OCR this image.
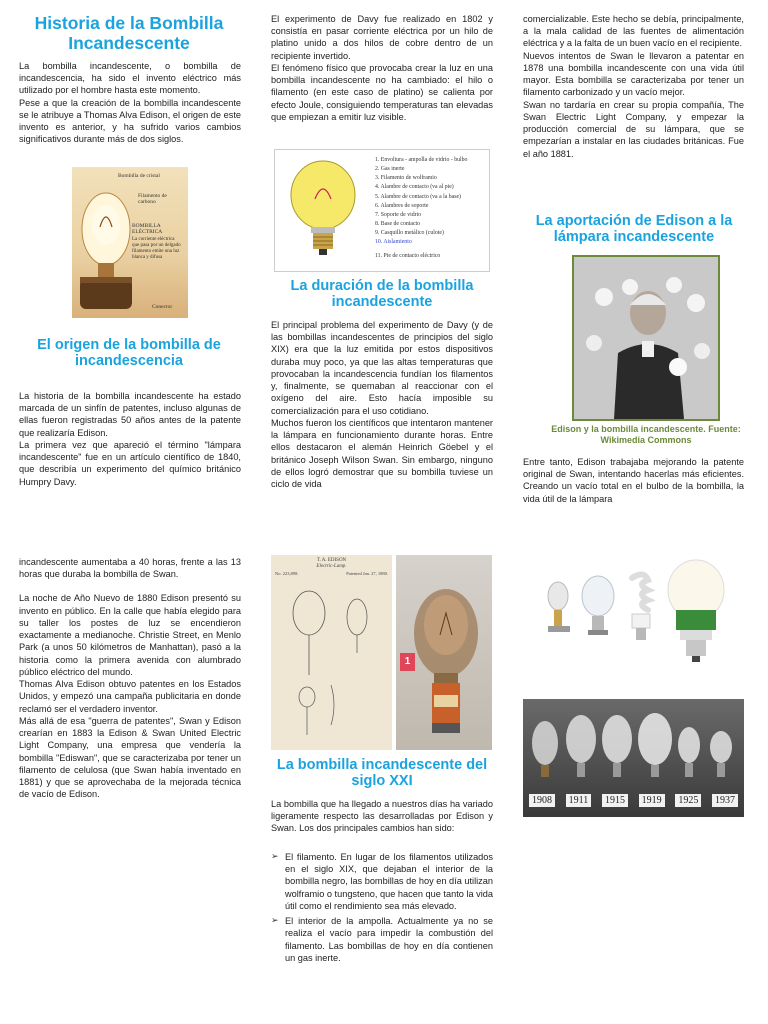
Historia de la Bombilla Incandescente
La bombilla incandescente, o bombilla de incandescencia, ha sido el invento eléctrico más utilizado por el hombre hasta este momento.
Pese a que la creación de la bombilla incandescente se le atribuye a Thomas Alva Edison, el origen de este invento es anterior, y ha sufrido varios cambios significativos durante más de dos siglos.
Bombilla de cristal
Filamento de carbono
BOMBILLA ELÉCTRICA
La corriente eléctrica que pasa por un delgado filamento emite una luz blanca y difusa
Conector
El origen de la bombilla de incandescencia
La historia de la bombilla incandescente ha estado marcada de un sinfín de patentes, incluso algunas de ellas fueron registradas 50 años antes de la patente que realizaría Edison.
La primera vez que apareció el término "lámpara incandescente" fue en un artículo científico de 1840, que describía un experimento del químico británico Humpry Davy.
El experimento de Davy fue realizado en 1802 y consistía en pasar corriente eléctrica por un hilo de platino unido a dos hilos de cobre dentro de un recipiente invertido.
El fenómeno físico que provocaba crear la luz en una bombilla incandescente no ha cambiado: el hilo o filamento (en este caso de platino) se calienta por efecto Joule, consiguiendo temperaturas tan elevadas que empiezan a emitir luz visible.
1. Envoltura - ampolla de vidrio - bulbo
2. Gas inerte
3. Filamento de wolframio
4. Alambre de contacto (va al pie)
5. Alambre de contacto (va a la base)
6. Alambres de soporte
7. Soporte de vidrio
8. Base de contacto
9. Casquillo metálico (culote)
10. Aislamiento
11. Pie de contacto eléctrico
La duración de la bombilla incandescente
El principal problema del experimento de Davy (y de las bombillas incandescentes de principios del siglo XIX) era que la luz emitida por estos dispositivos duraba muy poco, ya que las altas temperaturas que provocaban la incandescencia fundían los filamentos y, finalmente, se quemaban al reaccionar con el oxígeno del aire. Esto hacía imposible su comercialización para el uso cotidiano.
Muchos fueron los científicos que intentaron mantener la lámpara en funcionamiento durante horas. Entre ellos destacaron el alemán Heinrich Göebel y el británico Joseph Wilson Swan. Sin embargo, ninguno de ellos logró demostrar que su bombilla tuviese un ciclo de vida
comercializable. Este hecho se debía, principalmente, a la mala calidad de las fuentes de alimentación eléctrica y a la falta de un buen vacío en el recipiente.
Nuevos intentos de Swan le llevaron a patentar en 1878 una bombilla incandescente con una vida útil mayor. Esta bombilla se caracterizaba por tener un filamento carbonizado y un vacío mejor.
Swan no tardaría en crear su propia compañía, The Swan Electric Light Company, y empezar la producción comercial de su lámpara, que se empezarían a instalar en las ciudades británicas. Fue el año 1881.
La aportación de Edison a la lámpara incandescente
Edison y la bombilla incandescente. Fuente: Wikimedia Commons
Entre tanto, Edison trabajaba mejorando la patente original de Swan, intentando hacerlas más eficientes. Creando un vacío total en el bulbo de la bombilla, la vida útil de la lámpara
incandescente aumentaba a 40 horas, frente a las 13 horas que duraba la bombilla de Swan.
La noche de Año Nuevo de 1880 Edison presentó su invento en público. En la calle que había elegido para su taller los postes de luz se encendieron exactamente a medianoche. Christie Street, en Menlo Park (a unos 50 kilómetros de Manhattan), pasó a la historia como la primera avenida con alumbrado público eléctrico del mundo.
Thomas Alva Edison obtuvo patentes en los Estados Unidos, y empezó una campaña publicitaria en donde reclamó ser el verdadero inventor.
Más allá de esa "guerra de patentes", Swan y Edison crearían en 1883 la Edison & Swan United Electric Light Company, una empresa que vendería la bombilla "Ediswan", que se caracterizaba por tener un filamento de celulosa (que Swan había inventado en 1881) y que se aprovechaba de la mejorada técnica de vacío de Edison.
T. A. EDISON
Electric-Lamp.
No. 223,898.	Patented Jan. 27, 1880.
1
La bombilla incandescente del siglo XXI
La bombilla que ha llegado a nuestros días ha variado ligeramente respecto las desarrolladas por Edison y Swan. Los dos principales cambios han sido:
➢ El filamento. En lugar de los filamentos utilizados en el siglo XIX, que dejaban el interior de la bombilla negro, las bombillas de hoy en día utilizan wolframio o tungsteno, que hacen que tanto la vida útil como el rendimiento sea más elevado.
➢ El interior de la ampolla. Actualmente ya no se realiza el vacío para impedir la combustión del filamento. Las bombillas de hoy en día contienen un gas inerte.
1908	1911	1915	1919	1925	1937
